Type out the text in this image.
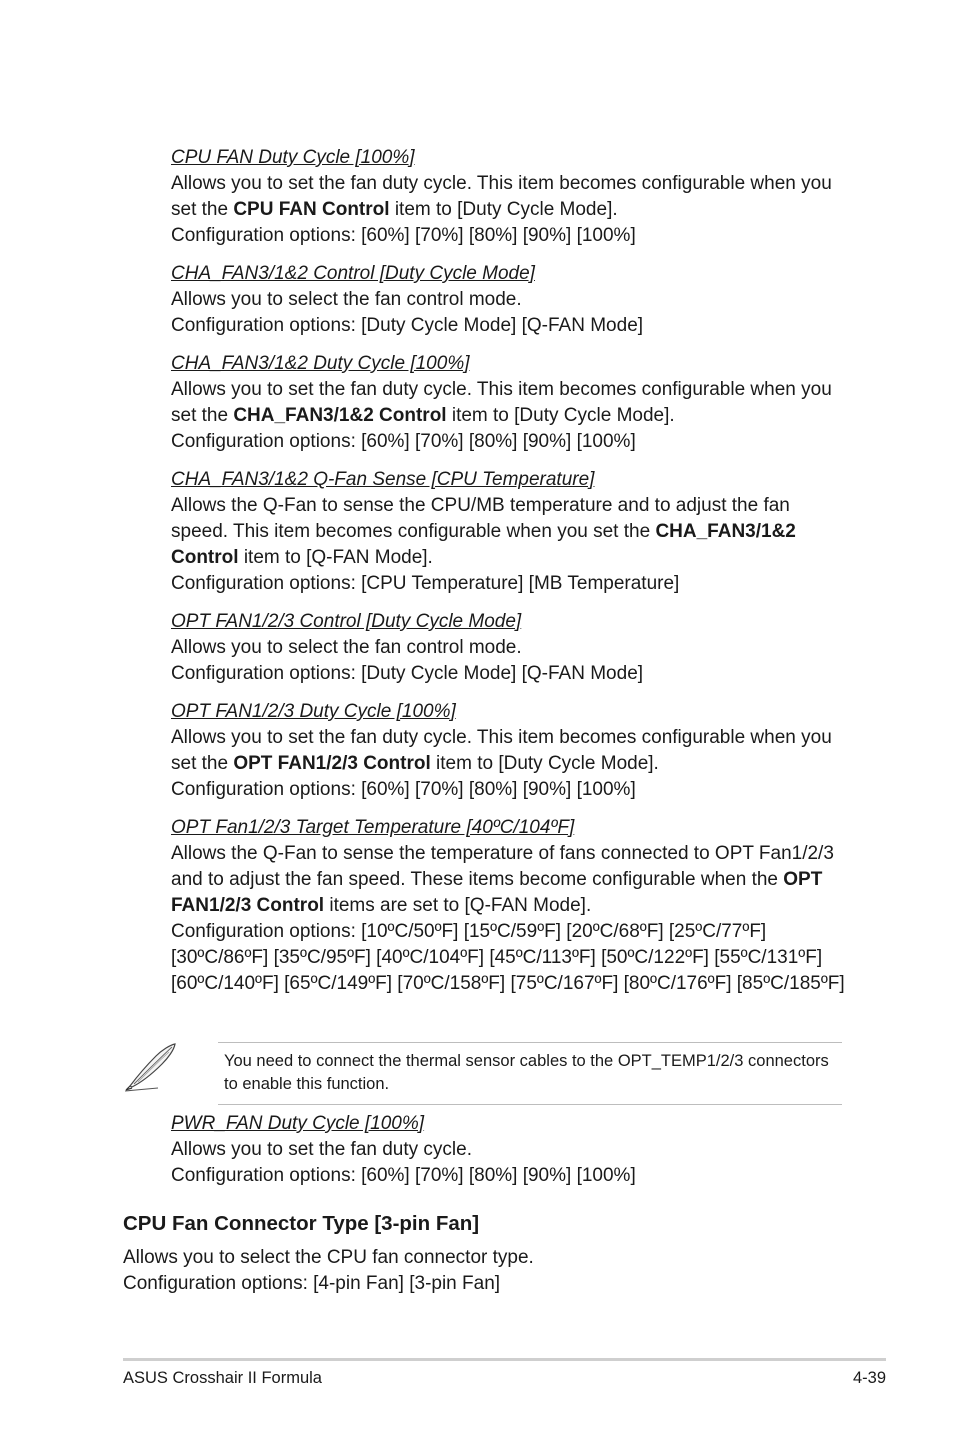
CPU FAN Duty Cycle [100%]

Allows you to set the fan duty cycle. This item becomes configurable when you set the CPU FAN Control item to [Duty Cycle Mode].

Configuration options: [60%] [70%] [80%] [90%] [100%]

CHA_FAN3/1&2 Control [Duty Cycle Mode]

Allows you to select the fan control mode.

Configuration options: [Duty Cycle Mode] [Q-FAN Mode]

CHA_FAN3/1&2 Duty Cycle [100%]

Allows you to set the fan duty cycle. This item becomes configurable when you set the CHA_FAN3/1&2 Control item to [Duty Cycle Mode].

Configuration options: [60%] [70%] [80%] [90%] [100%]

CHA_FAN3/1&2 Q-Fan Sense [CPU Temperature]

Allows the Q-Fan to sense the CPU/MB temperature and to adjust the fan speed. This item becomes configurable when you set the CHA_FAN3/1&2 Control item to [Q-FAN Mode].

Configuration options: [CPU Temperature] [MB Temperature]

OPT FAN1/2/3 Control [Duty Cycle Mode]

Allows you to select the fan control mode.

Configuration options: [Duty Cycle Mode] [Q-FAN Mode]

OPT FAN1/2/3 Duty Cycle [100%]

Allows you to set the fan duty cycle. This item becomes configurable when you set the OPT FAN1/2/3 Control item to [Duty Cycle Mode].

Configuration options: [60%] [70%] [80%] [90%] [100%]

OPT Fan1/2/3 Target Temperature [40ºC/104ºF]

Allows the Q-Fan to sense the temperature of fans connected to OPT Fan1/2/3 and to adjust the fan speed. These items become configurable when the OPT FAN1/2/3 Control items are set to [Q-FAN Mode].

Configuration options: [10ºC/50ºF] [15ºC/59ºF] [20ºC/68ºF] [25ºC/77ºF] [30ºC/86ºF] [35ºC/95ºF] [40ºC/104ºF] [45ºC/113ºF] [50ºC/122ºF] [55ºC/131ºF] [60ºC/140ºF] [65ºC/149ºF] [70ºC/158ºF] [75ºC/167ºF] [80ºC/176ºF] [85ºC/185ºF]

You need to connect the thermal sensor cables to the OPT_TEMP1/2/3 connectors to enable this function.

PWR_FAN Duty Cycle [100%]

Allows you to set the fan duty cycle.

Configuration options: [60%] [70%] [80%] [90%] [100%]

CPU Fan Connector Type [3-pin Fan]
Allows you to select the CPU fan connector type.
Configuration options: [4-pin Fan] [3-pin Fan]
ASUS Crosshair II Formula	4-39
